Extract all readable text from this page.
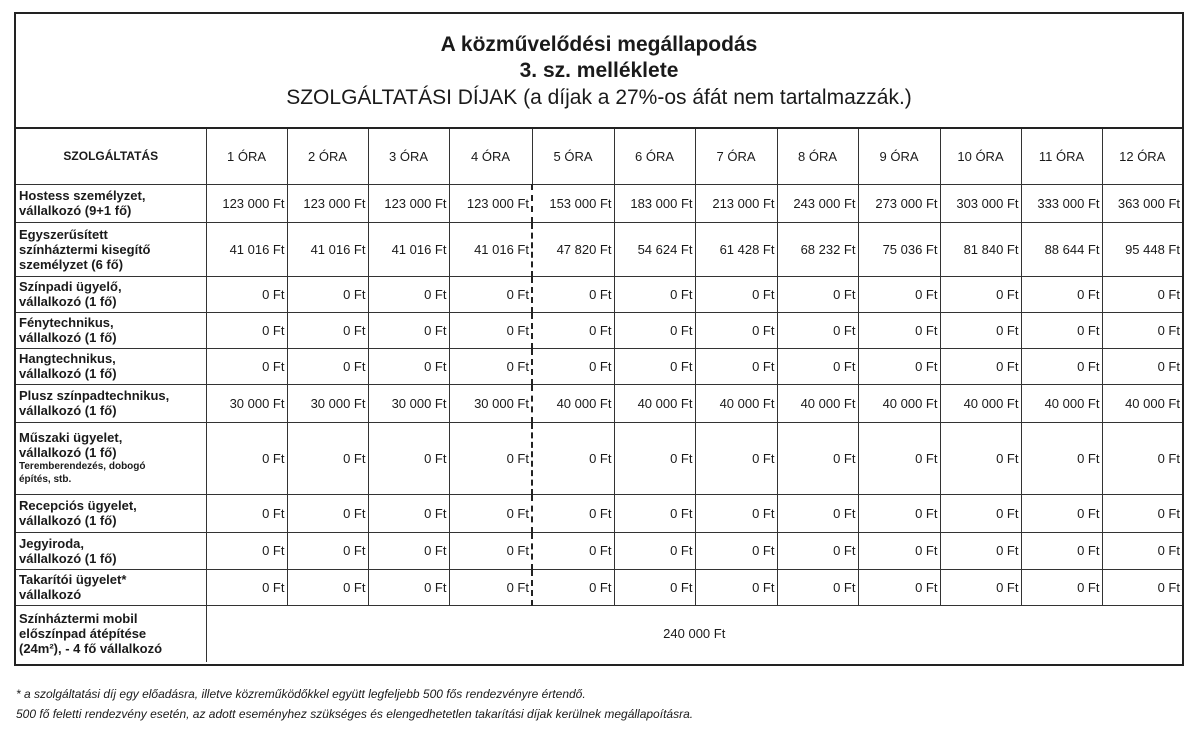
A közművelődési megállapodás
3. sz. melléklete
SZOLGÁLTATÁSI DÍJAK (a díjak a 27%-os áfát nem tartalmazzák.)
SZOLGÁLTATÁS	1 ÓRA	2 ÓRA	3 ÓRA	4 ÓRA	5 ÓRA	6 ÓRA	7 ÓRA	8 ÓRA	9 ÓRA	10 ÓRA	11 ÓRA	12 ÓRA

Hostess személyzet,
vállalkozó (9+1 fő)	123 000 Ft	123 000 Ft	123 000 Ft	123 000 Ft	153 000 Ft	183 000 Ft	213 000 Ft	243 000 Ft	273 000 Ft	303 000 Ft	333 000 Ft	363 000 Ft

Egyszerűsített
színháztermi kisegítő
személyzet (6 fő)	41 016 Ft	41 016 Ft	41 016 Ft	41 016 Ft	47 820 Ft	54 624 Ft	61 428 Ft	68 232 Ft	75 036 Ft	81 840 Ft	88 644 Ft	95 448 Ft

Színpadi ügyelő,
vállalkozó (1 fő)	0 Ft	0 Ft	0 Ft	0 Ft	0 Ft	0 Ft	0 Ft	0 Ft	0 Ft	0 Ft	0 Ft	0 Ft

Fénytechnikus,
vállalkozó (1 fő)	0 Ft	0 Ft	0 Ft	0 Ft	0 Ft	0 Ft	0 Ft	0 Ft	0 Ft	0 Ft	0 Ft	0 Ft

Hangtechnikus,
vállalkozó (1 fő)	0 Ft	0 Ft	0 Ft	0 Ft	0 Ft	0 Ft	0 Ft	0 Ft	0 Ft	0 Ft	0 Ft	0 Ft

Plusz színpadtechnikus,
vállalkozó (1 fő)	30 000 Ft	30 000 Ft	30 000 Ft	30 000 Ft	40 000 Ft	40 000 Ft	40 000 Ft	40 000 Ft	40 000 Ft	40 000 Ft	40 000 Ft	40 000 Ft

Műszaki ügyelet,
vállalkozó (1 fő)
Teremberendezés, dobogó
építés, stb.	0 Ft	0 Ft	0 Ft	0 Ft	0 Ft	0 Ft	0 Ft	0 Ft	0 Ft	0 Ft	0 Ft	0 Ft

Recepciós ügyelet,
vállalkozó (1 fő)	0 Ft	0 Ft	0 Ft	0 Ft	0 Ft	0 Ft	0 Ft	0 Ft	0 Ft	0 Ft	0 Ft	0 Ft

Jegyiroda,
vállalkozó (1 fő)	0 Ft	0 Ft	0 Ft	0 Ft	0 Ft	0 Ft	0 Ft	0 Ft	0 Ft	0 Ft	0 Ft	0 Ft

Takarítói ügyelet*
vállalkozó	0 Ft	0 Ft	0 Ft	0 Ft	0 Ft	0 Ft	0 Ft	0 Ft	0 Ft	0 Ft	0 Ft	0 Ft

Színháztermi mobil
előszínpad átépítése
(24m²), - 4 fő vállalkozó	240 000 Ft											
* a szolgáltatási díj egy előadásra, illetve közreműködőkkel együtt legfeljebb 500 fős rendezvényre értendő.
500 fő feletti rendezvény esetén, az adott eseményhez szükséges és elengedhetetlen takarítási díjak kerülnek megállapoításra.
